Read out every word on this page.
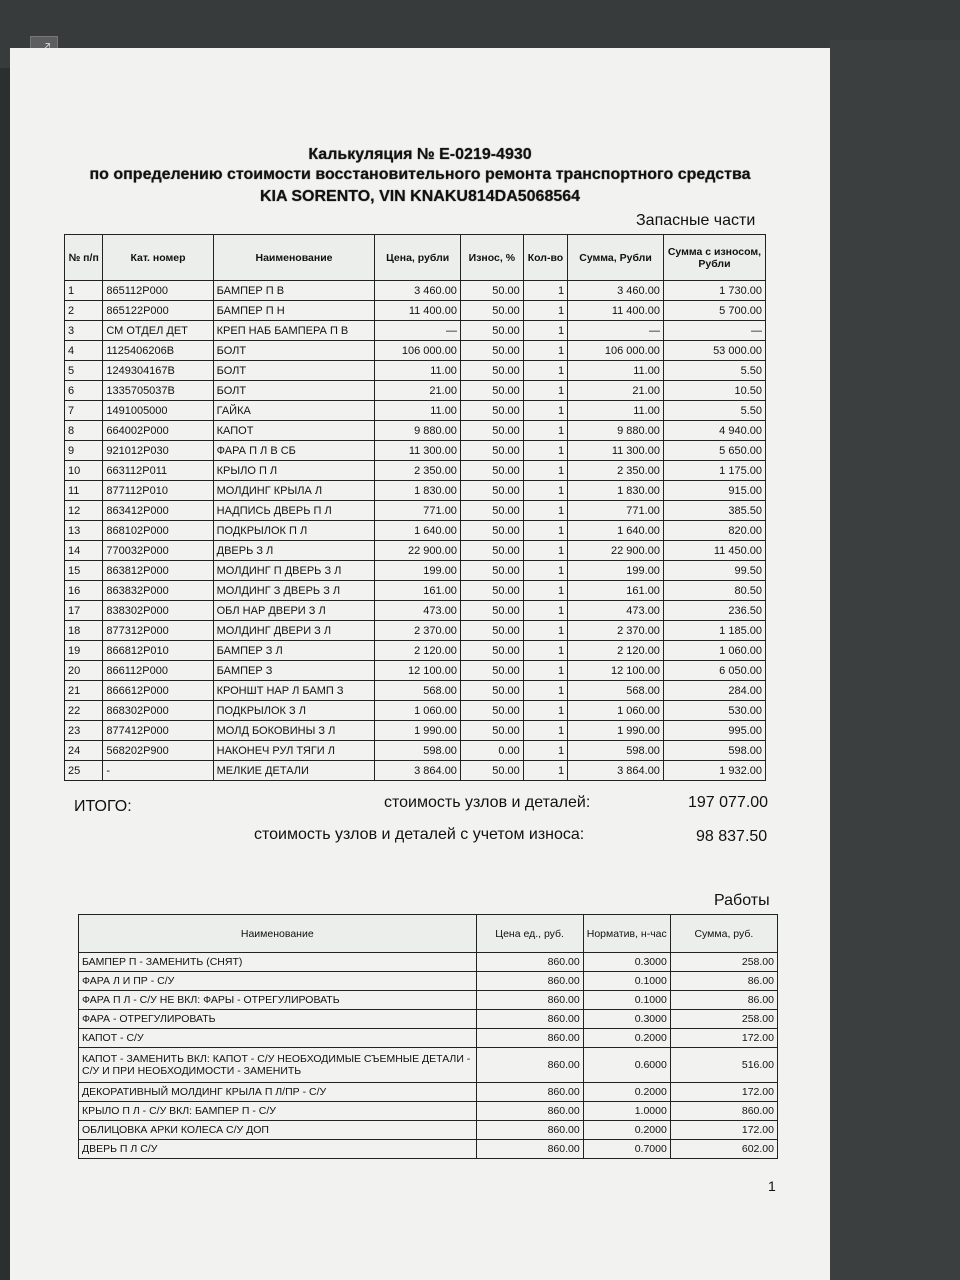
Калькуляция № Е-0219-4930
по определению стоимости восстановительного ремонта транспортного средства
KIA SORENTO, VIN KNAKU814DA5068564
Запасные части
№ п/п	Кат. номер	Наименование	Цена, рубли	Износ, %	Кол-во	Сумма, Рубли	Сумма с износом, Рубли
1	865112P000	БАМПЕР П В	3 460.00	50.00	1	3 460.00	1 730.00
2	865122P000	БАМПЕР П Н	11 400.00	50.00	1	11 400.00	5 700.00
3	СМ ОТДЕЛ ДЕТ	КРЕП НАБ БАМПЕРА П В	—	50.00	1	—	—
4	1125406206В	БОЛТ	106 000.00	50.00	1	106 000.00	53 000.00
5	1249304167В	БОЛТ	11.00	50.00	1	11.00	5.50
6	1335705037В	БОЛТ	21.00	50.00	1	21.00	10.50
7	1491005000	ГАЙКА	11.00	50.00	1	11.00	5.50
8	664002P000	КАПОТ	9 880.00	50.00	1	9 880.00	4 940.00
9	921012P030	ФАРА П Л В СБ	11 300.00	50.00	1	11 300.00	5 650.00
10	663112P011	КРЫЛО П Л	2 350.00	50.00	1	2 350.00	1 175.00
11	877112P010	МОЛДИНГ КРЫЛА Л	1 830.00	50.00	1	1 830.00	915.00
12	863412P000	НАДПИСЬ ДВЕРЬ П Л	771.00	50.00	1	771.00	385.50
13	868102P000	ПОДКРЫЛОК П Л	1 640.00	50.00	1	1 640.00	820.00
14	770032P000	ДВЕРЬ З Л	22 900.00	50.00	1	22 900.00	11 450.00
15	863812P000	МОЛДИНГ П ДВЕРЬ З Л	199.00	50.00	1	199.00	99.50
16	863832P000	МОЛДИНГ З ДВЕРЬ З Л	161.00	50.00	1	161.00	80.50
17	838302P000	ОБЛ НАР ДВЕРИ З Л	473.00	50.00	1	473.00	236.50
18	877312P000	МОЛДИНГ ДВЕРИ З Л	2 370.00	50.00	1	2 370.00	1 185.00
19	866812P010	БАМПЕР З Л	2 120.00	50.00	1	2 120.00	1 060.00
20	866112P000	БАМПЕР З	12 100.00	50.00	1	12 100.00	6 050.00
21	866612P000	КРОНШТ НАР Л БАМП З	568.00	50.00	1	568.00	284.00
22	868302P000	ПОДКРЫЛОК З Л	1 060.00	50.00	1	1 060.00	530.00
23	877412P000	МОЛД БОКОВИНЫ З Л	1 990.00	50.00	1	1 990.00	995.00
24	568202P900	НАКОНЕЧ РУЛ ТЯГИ Л	598.00	0.00	1	598.00	598.00
25	-	МЕЛКИЕ ДЕТАЛИ	3 864.00	50.00	1	3 864.00	1 932.00
ИТОГО:	стоимость узлов и деталей:	197 077.00
стоимость узлов и деталей с учетом износа:	98 837.50
Работы
Наименование	Цена ед., руб.	Норматив, н-час	Сумма, руб.
БАМПЕР П - ЗАМЕНИТЬ (СНЯТ)	860.00	0.3000	258.00
ФАРА Л И ПР - С/У	860.00	0.1000	86.00
ФАРА П Л - С/У НЕ ВКЛ: ФАРЫ - ОТРЕГУЛИРОВАТЬ	860.00	0.1000	86.00
ФАРА - ОТРЕГУЛИРОВАТЬ	860.00	0.3000	258.00
КАПОТ - С/У	860.00	0.2000	172.00
КАПОТ - ЗАМЕНИТЬ ВКЛ: КАПОТ - С/У НЕОБХОДИМЫЕ СЪЕМНЫЕ ДЕТАЛИ - С/У И ПРИ НЕОБХОДИМОСТИ - ЗАМЕНИТЬ	860.00	0.6000	516.00
ДЕКОРАТИВНЫЙ МОЛДИНГ КРЫЛА П Л/ПР - С/У	860.00	0.2000	172.00
КРЫЛО П Л - С/У ВКЛ: БАМПЕР П - С/У	860.00	1.0000	860.00
ОБЛИЦОВКА АРКИ КОЛЕСА С/У ДОП	860.00	0.2000	172.00
ДВЕРЬ П Л С/У	860.00	0.7000	602.00
1
